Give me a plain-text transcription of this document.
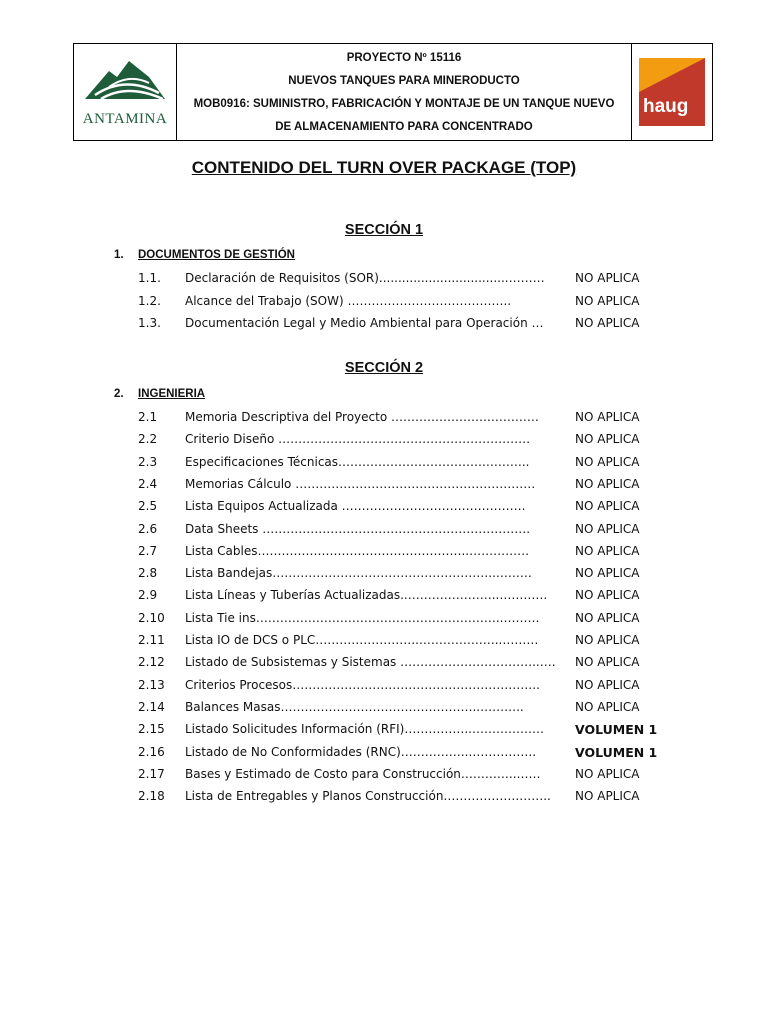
ANTAMINA
PROYECTO Nº 15116
NUEVOS TANQUES PARA MINERODUCTO
MOB0916: SUMINISTRO, FABRICACIÓN Y MONTAJE DE UN TANQUE NUEVO
DE ALMACENAMIENTO PARA CONCENTRADO
haug
CONTENIDO DEL TURN OVER PACKAGE (TOP)
SECCIÓN 1
1. DOCUMENTOS DE GESTIÓN
1.1. Declaración de Requisitos (SOR)..................................………	NO APLICA
1.2. Alcance del Trabajo (SOW) …………………………………..	NO APLICA
1.3. Documentación Legal y Medio Ambiental para Operación …	NO APLICA
SECCIÓN 2
2. INGENIERIA
2.1 Memoria Descriptiva del Proyecto …………………….…………	NO APLICA
2.2 Criterio Diseño ………………………………………………………	NO APLICA
2.3 Especificaciones Técnicas……………………………….………..	NO APLICA
2.4 Memorias Cálculo ……………………………………………………	NO APLICA
2.5 Lista Equipos Actualizada ……………………………………….	NO APLICA
2.6 Data Sheets ………………………………………………………….	NO APLICA
2.7 Lista Cables……………………………………………..……………	NO APLICA
2.8 Lista Bandejas………………………………………………..………	NO APLICA
2.9 Lista Líneas y Tuberías Actualizadas..…………………..………… NO APLICA
2.10 Lista Tie ins……………………………………………………..………	NO APLICA
2.11 Lista IO de DCS o PLC……………………..…………….…..………	NO APLICA
2.12 Listado de Subsistemas y Sistemas ……………………………..…. NO APLICA
2.13 Criterios Procesos……………………………………………………..	NO APLICA
2.14 Balances Masas…………………………………………..………..	NO APLICA
2.15 Listado Solicitudes Información (RFI)……………..……………… VOLUMEN 1
2.16 Listado de No Conformidades (RNC)……………..……………..	VOLUMEN 1
2.17 Bases y Estimado de Costo para Construcción…………..……	NO APLICA
2.18 Lista de Entregables y Planos Construcción……………….…….. NO APLICA
